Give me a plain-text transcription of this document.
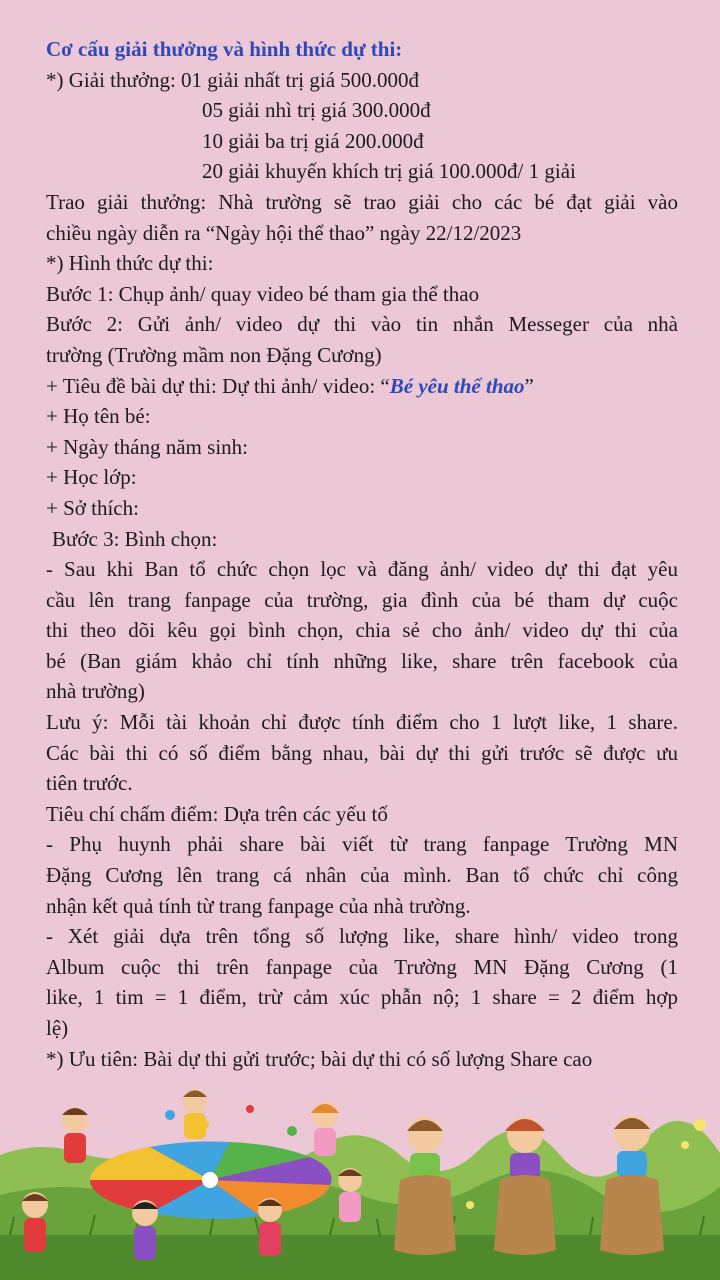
Cơ cấu giải thưởng và hình thức dự thi:
*) Giải thưởng: 01 giải nhất trị giá 500.000đ
05 giải nhì trị giá 300.000đ
10 giải ba trị giá 200.000đ
20 giải khuyến khích trị giá 100.000đ/ 1 giải
Trao giải thưởng: Nhà trường sẽ trao giải cho các bé đạt giải vào
chiều ngày diễn ra “Ngày hội thể thao” ngày 22/12/2023
*) Hình thức dự thi:
Bước 1: Chụp ảnh/ quay video bé tham gia thể thao
Bước 2: Gửi ảnh/ video dự thi vào tin nhắn Messeger của nhà
trường (Trường mầm non Đặng Cương)
+ Tiêu đề bài dự thi: Dự thi ảnh/ video: “Bé yêu thể thao”
+ Họ tên bé:
+ Ngày tháng năm sinh:
+ Học lớp:
+ Sở thích:
Bước 3: Bình chọn:
- Sau khi Ban tổ chức chọn lọc và đăng ảnh/ video dự thi đạt yêu
cầu lên trang fanpage của trường, gia đình của bé tham dự cuộc
thi theo dõi kêu gọi bình chọn, chia sẻ cho ảnh/ video dự thi của
bé (Ban giám khảo chỉ tính những like, share trên facebook của
nhà trường)
Lưu ý: Mỗi tài khoản chỉ được tính điểm cho 1 lượt like, 1 share.
Các bài thi có số điểm bằng nhau, bài dự thi gửi trước sẽ được ưu
tiên trước.
Tiêu chí chấm điểm: Dựa trên các yếu tố
- Phụ huynh phải share bài viết từ trang fanpage Trường MN
Đặng Cương lên trang cá nhân của mình. Ban tổ chức chỉ công
nhận kết quả tính từ trang fanpage của nhà trường.
- Xét giải dựa trên tổng số lượng like, share hình/ video trong
Album cuộc thi trên fanpage của Trường MN Đặng Cương (1
like, 1 tim = 1 điểm, trừ cảm xúc phẫn nộ; 1 share = 2 điểm hợp
lệ)
*) Ưu tiên: Bài dự thi gửi trước; bài dự thi có số lượng Share cao
